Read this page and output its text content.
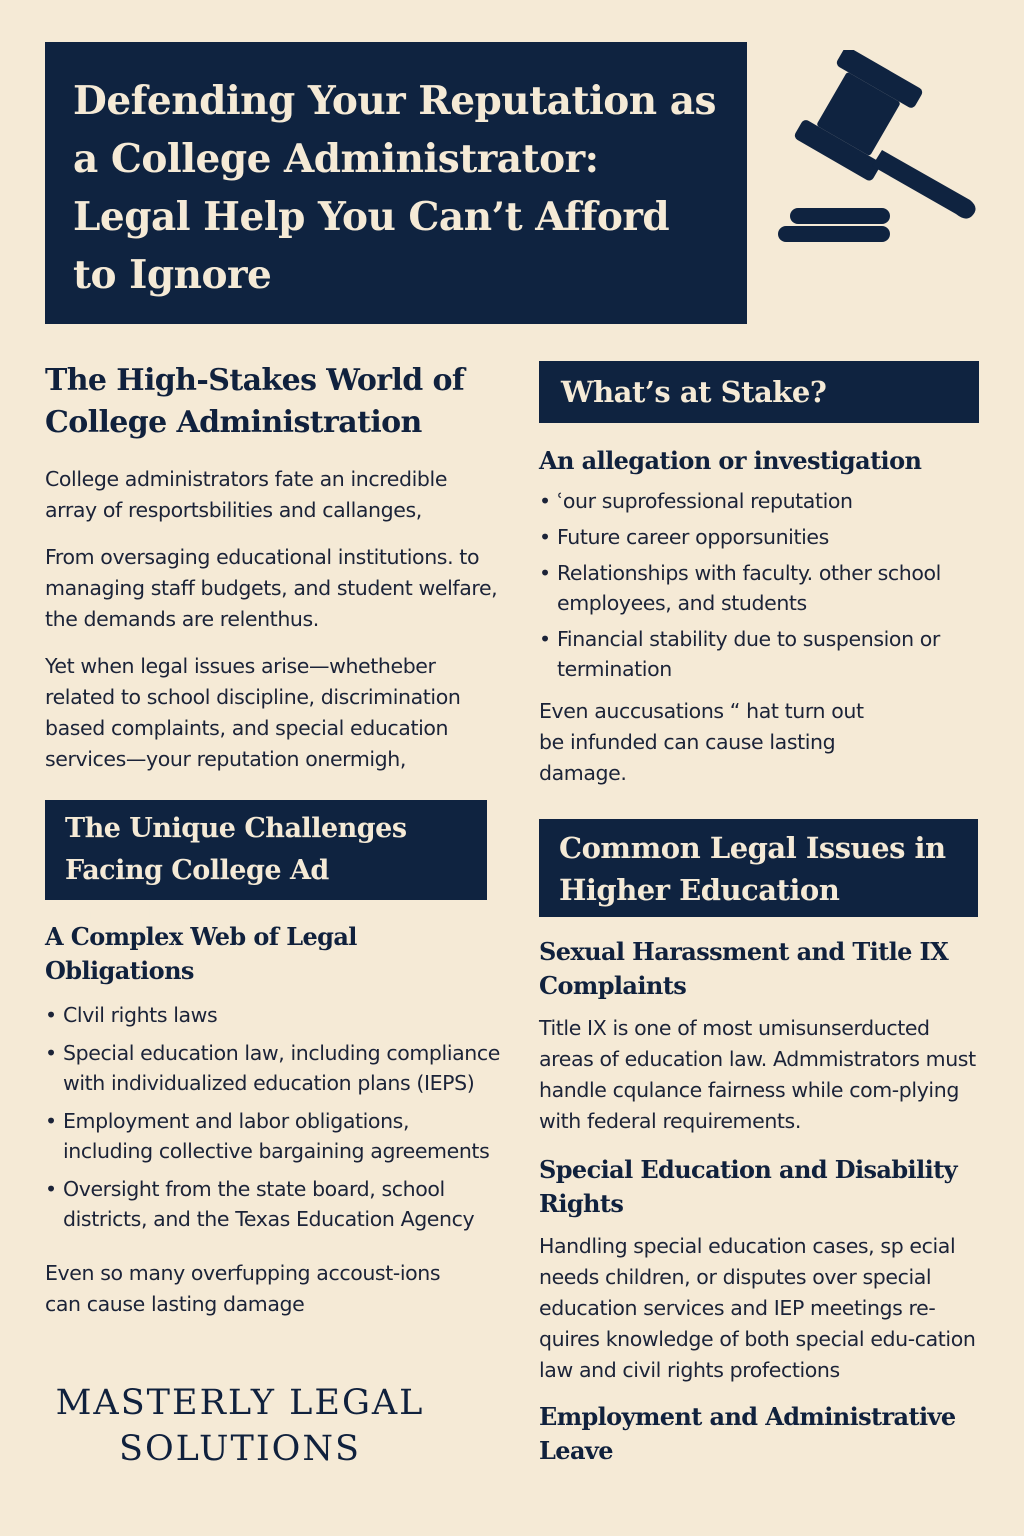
Defending Your Reputation as a College Administrator: Legal Help You Can’t Afford to Ignore
The High-Stakes World of College Administration

College administrators fate an incredible array of resportsbilities and callanges,

From oversaging educational institutions. to managing staff budgets, and student welfare, the demands are relenthus.

Yet when legal issues arise—whetheber related to school discipline, discrimination based complaints, and special education services—your reputation onermigh,

The Unique Challenges Facing College Ad ministrators
A Complex Web of Legal Obligations
• Clvil rights laws
• Special education law, including compliance with individualized education plans (IEPS)
• Employment and labor obligations, including collective bargaining agreements
• Oversight from the state board, school districts, and the Texas Education Agency

Even so many overfupping accoust-ions can cause lasting damage

MASTERLY LEGAL
SOLUTIONS
What’s at Stake?
An allegation or investigation
• ʿour suprofessional reputation
• Future career opporsunities
• Relationships with faculty. other school employees, and students
• Financial stability due to suspension or termination

Even auccusations “ hat turn out be infunded can cause lasting damage.

Common Legal Issues in Higher Education
Sexual Harassment and Title IX Complaints

Title IX is one of most umisunserducted areas of education law. Admmistrators must handle cqulance fairness while com-plying with federal requirements.

Special Education and Disability Rights

Handling special education cases, sp ecial needs children, or disputes over special education services and IEP meetings re-quires knowledge of both special edu-cation law and civil rights profections

Employment and Administrative Leave
